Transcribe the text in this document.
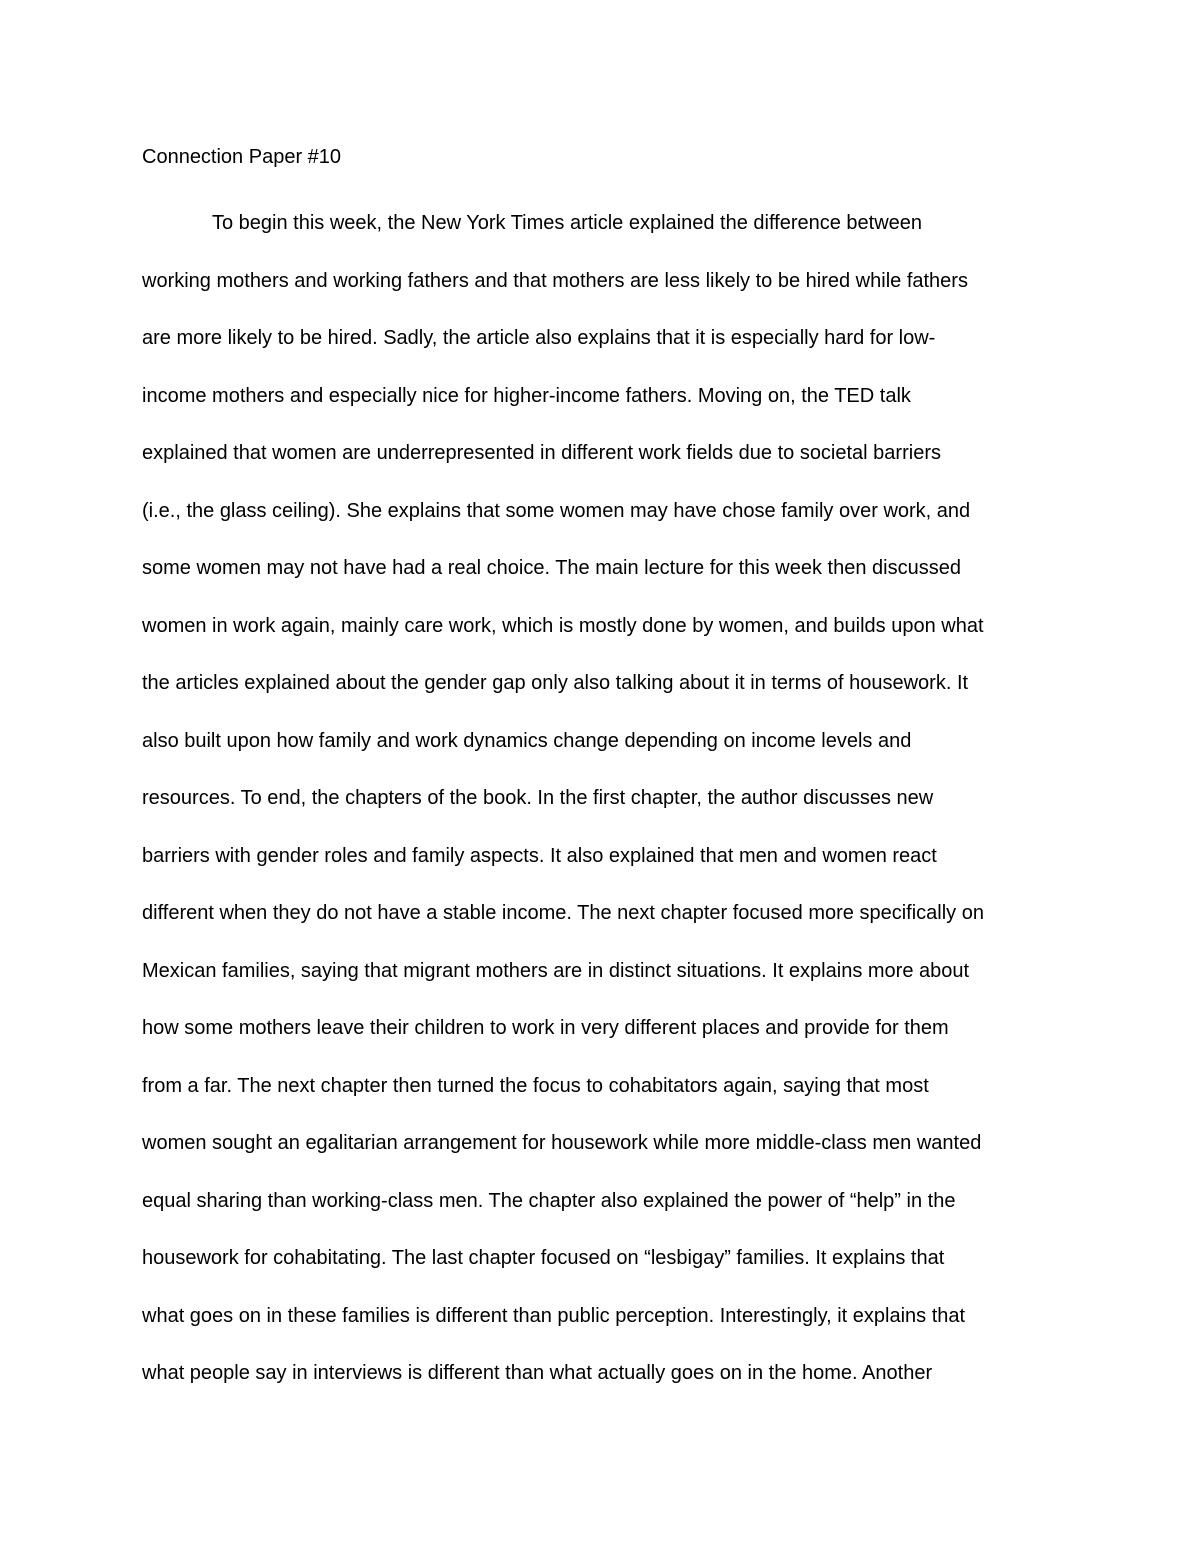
Connection Paper #10

To begin this week, the New York Times article explained the difference between

working mothers and working fathers and that mothers are less likely to be hired while fathers

are more likely to be hired. Sadly, the article also explains that it is especially hard for low-

income mothers and especially nice for higher-income fathers. Moving on, the TED talk

explained that women are underrepresented in different work fields due to societal barriers

(i.e., the glass ceiling). She explains that some women may have chose family over work, and

some women may not have had a real choice. The main lecture for this week then discussed

women in work again, mainly care work, which is mostly done by women, and builds upon what

the articles explained about the gender gap only also talking about it in terms of housework. It

also built upon how family and work dynamics change depending on income levels and

resources. To end, the chapters of the book. In the first chapter, the author discusses new

barriers with gender roles and family aspects. It also explained that men and women react

different when they do not have a stable income. The next chapter focused more specifically on

Mexican families, saying that migrant mothers are in distinct situations. It explains more about

how some mothers leave their children to work in very different places and provide for them

from a far. The next chapter then turned the focus to cohabitators again, saying that most

women sought an egalitarian arrangement for housework while more middle-class men wanted

equal sharing than working-class men. The chapter also explained the power of “help” in the

housework for cohabitating. The last chapter focused on “lesbigay” families. It explains that

what goes on in these families is different than public perception. Interestingly, it explains that

what people say in interviews is different than what actually goes on in the home. Another
